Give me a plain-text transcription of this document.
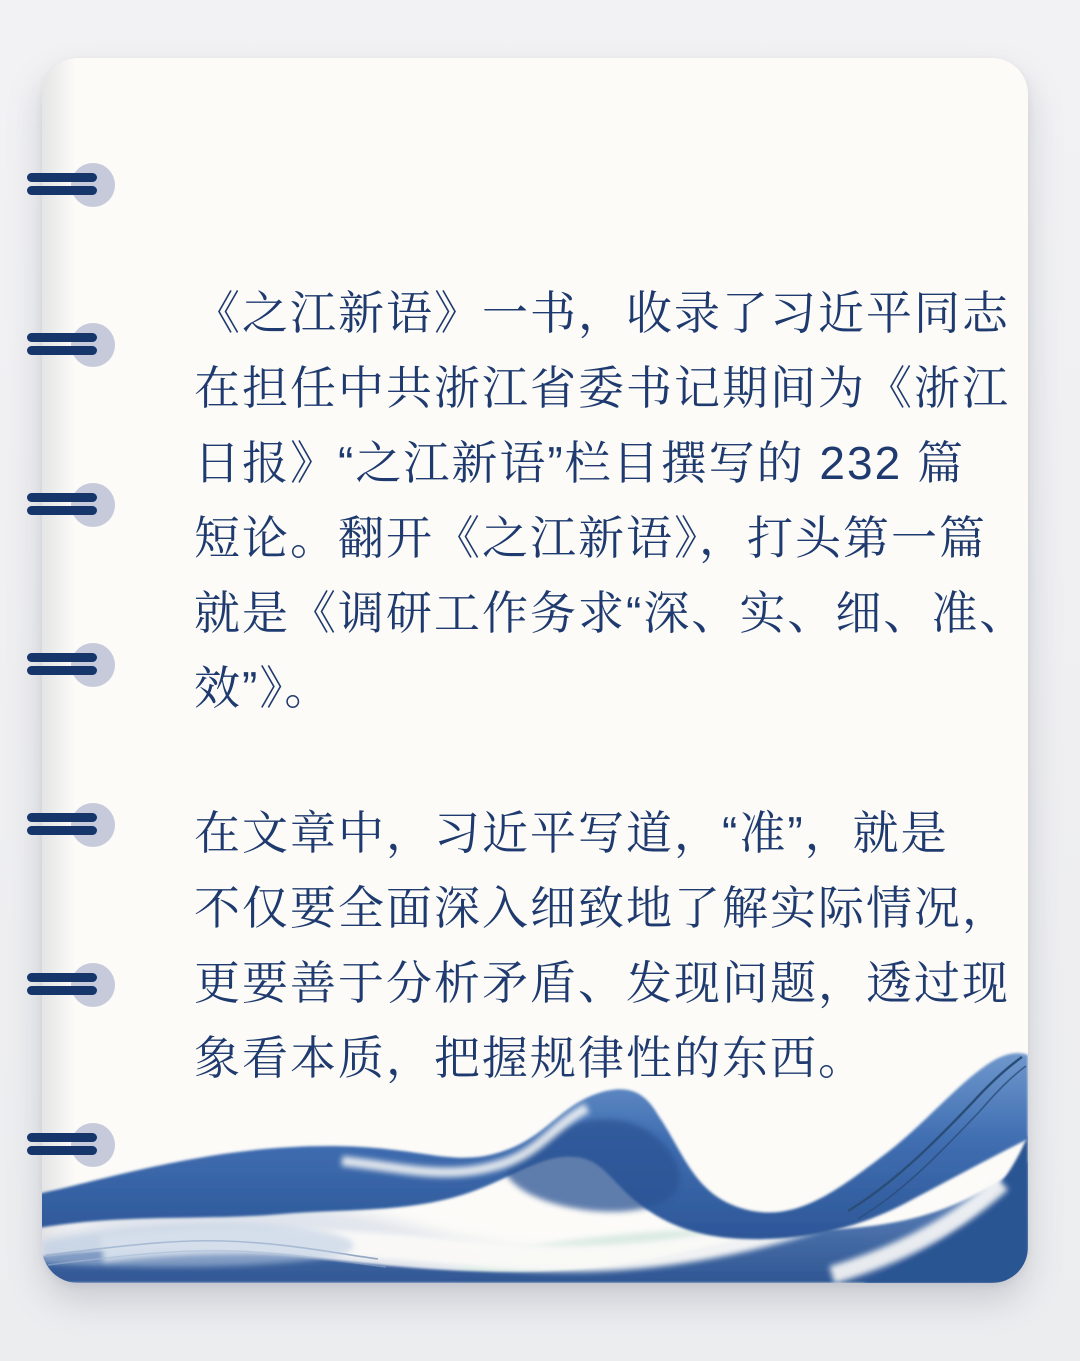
《之江新语》一书，收录了习近平同志
在担任中共浙江省委书记期间为《浙江
日报》“之江新语”栏目撰写的 232 篇
短论。翻开《之江新语》，打头第一篇
就是《调研工作务求“深、实、细、准、
效”》。
在文章中，习近平写道，“准”，就是
不仅要全面深入细致地了解实际情况，
更要善于分析矛盾、发现问题，透过现
象看本质，把握规律性的东西。
